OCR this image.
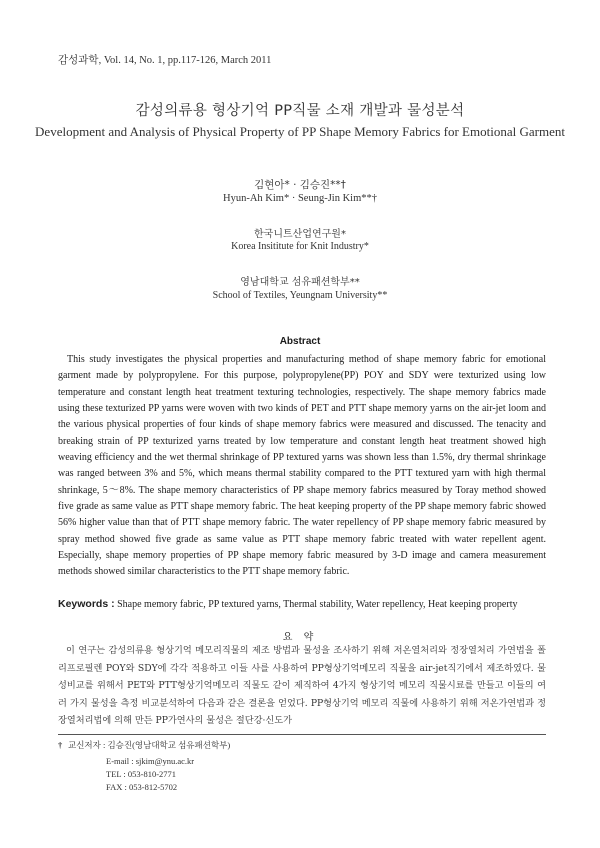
감성과학, Vol. 14, No. 1, pp.117-126, March 2011
감성의류용 형상기억 PP직물 소재 개발과 물성분석
Development and Analysis of Physical Property of PP Shape Memory Fabrics for Emotional Garment
김현아* · 김승진**†
Hyun-Ah Kim* · Seung-Jin Kim**†
한국니트산업연구원*
Korea Insititute for Knit Industry*
영남대학교 섬유패션학부**
School of Textiles, Yeungnam University**
Abstract

This study investigates the physical properties and manufacturing method of shape memory fabric for emotional garment made by polypropylene. For this purpose, polypropylene(PP) POY and SDY were texturized using low temperature and constant length heat treatment texturing technologies, respectively. The shape memory fabrics made using these texturized PP yarns were woven with two kinds of PET and PTT shape memory yarns on the air-jet loom and the various physical properties of four kinds of shape memory fabrics were measured and discussed. The tenacity and breaking strain of PP texturized yarns treated by low temperature and constant length heat treatment showed high weaving efficiency and the wet thermal shrinkage of PP textured yarns was shown less than 1.5%, dry thermal shrinkage was ranged between 3% and 5%, which means thermal stability compared to the PTT textured yarn with high thermal shrinkage, 5～8%. The shape memory characteristics of PP shape memory fabrics measured by Toray method showed five grade as same value as PTT shape memory fabric. The heat keeping property of the PP shape memory fabric showed 56% higher value than that of PTT shape memory fabric. The water repellency of PP shape memory fabric measured by spray method showed five grade as same value as PTT shape memory fabric treated with water repellent agent. Especially, shape memory properties of PP shape memory fabric measured by 3-D image and camera measurement methods showed similar characteristics to the PTT shape memory fabric.

Keywords : Shape memory fabric, PP textured yarns, Thermal stability, Water repellency, Heat keeping property
요 약

이 연구는 감성의류용 형상기억 메모리직물의 제조 방법과 물성을 조사하기 위해 저온열처리와 정장열처리 가연법을 폴리프로필렌 POY와 SDY에 각각 적용하고 이들 사를 사용하여 PP형상기억메모리 직물을 air-jet직기에서 제조하였다. 물성비교를 위해서 PET와 PTT형상기억메모리 직물도 같이 제직하여 4가지 형상기억 메모리 직물시료를 만들고 이들의 여러 가지 물성을 측정 비교분석하여 다음과 같은 결론을 얻었다. PP형상기억 메모리 직물에 사용하기 위해 저온가연법과 정장열처리법에 의해 만든 PP가연사의 물성은 절단강·신도가

† 교신저자 : 김승진(영남대학교 섬유패션학부)
E-mail : sjkim@ynu.ac.kr
TEL : 053-810-2771
FAX : 053-812-5702
